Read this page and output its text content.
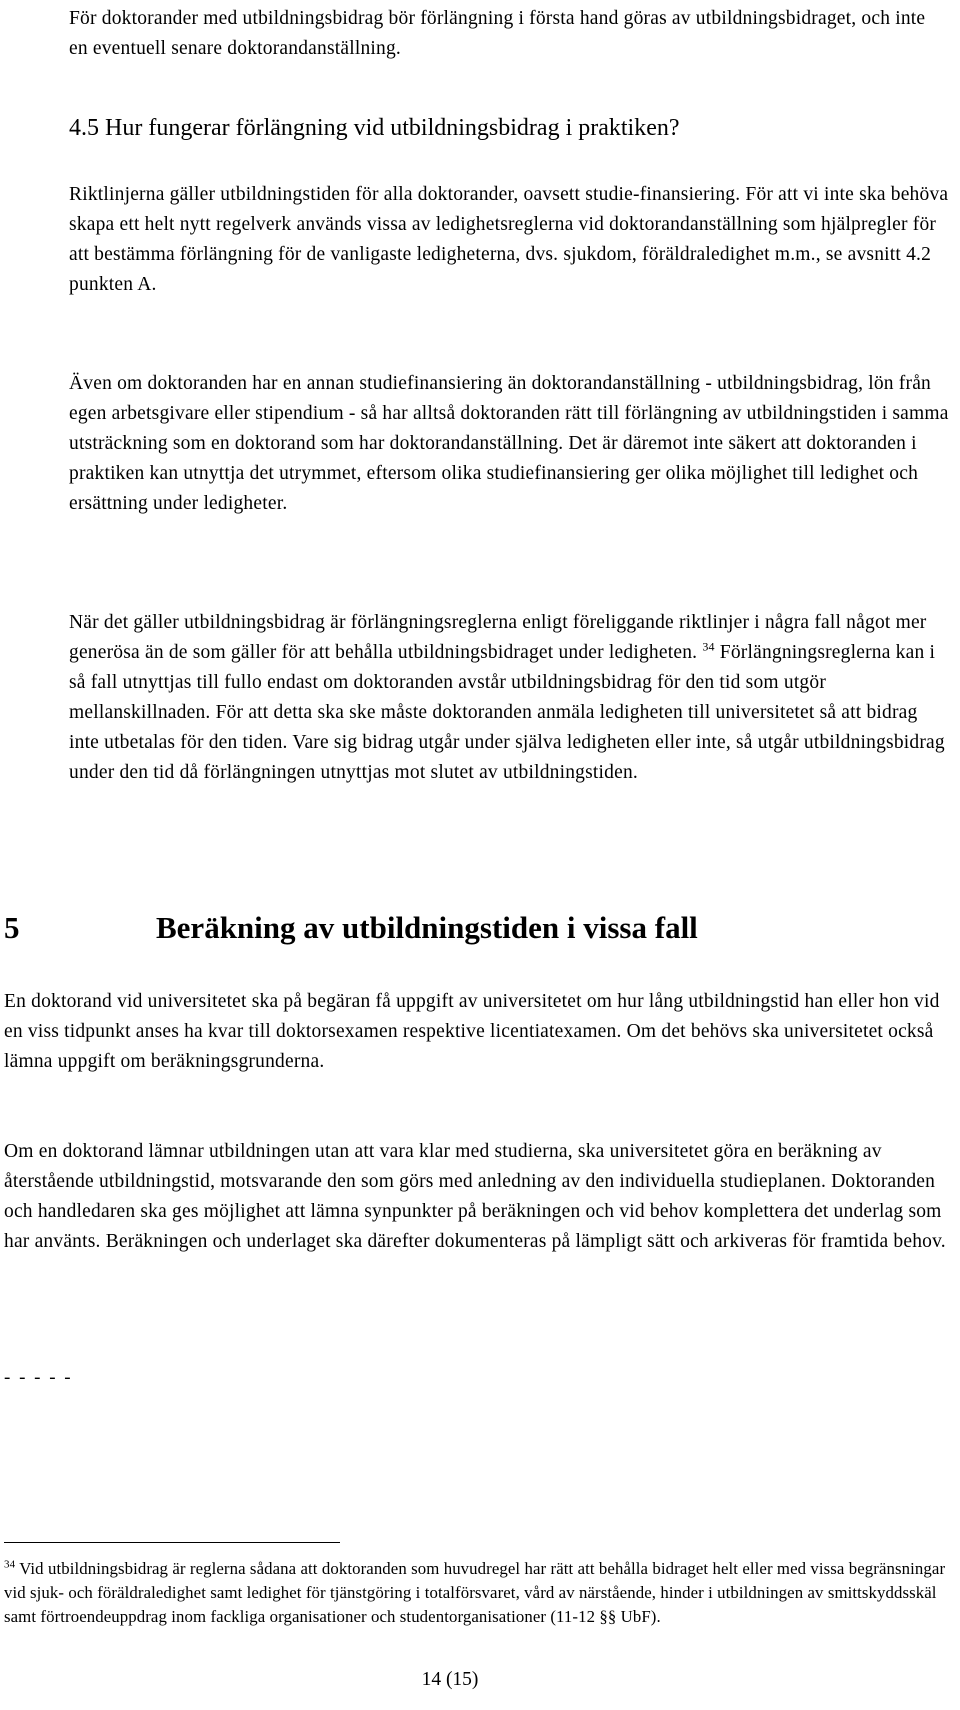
För doktorander med utbildningsbidrag bör förlängning i första hand göras av utbildningsbidraget, och inte en eventuell senare doktorandanställning.

4.5 Hur fungerar förlängning vid utbildningsbidrag i praktiken?

Riktlinjerna gäller utbildningstiden för alla doktorander, oavsett studie-finansiering. För att vi inte ska behöva skapa ett helt nytt regelverk används vissa av ledighetsreglerna vid doktorandanställning som hjälpregler för att bestämma förlängning för de vanligaste ledigheterna, dvs. sjukdom, föräldraledighet m.m., se avsnitt 4.2 punkten A.

Även om doktoranden har en annan studiefinansiering än doktorandanställning - utbildningsbidrag, lön från egen arbetsgivare eller stipendium - så har alltså doktoranden rätt till förlängning av utbildningstiden i samma utsträckning som en doktorand som har doktorandanställning. Det är däremot inte säkert att doktoranden i praktiken kan utnyttja det utrymmet, eftersom olika studiefinansiering ger olika möjlighet till ledighet och ersättning under ledigheter.

När det gäller utbildningsbidrag är förlängningsreglerna enligt föreliggande riktlinjer i några fall något mer generösa än de som gäller för att behålla utbildningsbidraget under ledigheten. $^{34}$ Förlängningsreglerna kan i så fall utnyttjas till fullo endast om doktoranden avstår utbildningsbidrag för den tid som utgör mellanskillnaden. För att detta ska ske måste doktoranden anmäla ledigheten till universitetet så att bidrag inte utbetalas för den tiden. Vare sig bidrag utgår under själva ledigheten eller inte, så utgår utbildningsbidrag under den tid då förlängningen utnyttjas mot slutet av utbildningstiden.

5	Beräkning av utbildningstiden i vissa fall

En doktorand vid universitetet ska på begäran få uppgift av universitetet om hur lång utbildningstid han eller hon vid en viss tidpunkt anses ha kvar till doktorsexamen respektive licentiatexamen. Om det behövs ska universitetet också lämna uppgift om beräkningsgrunderna.

Om en doktorand lämnar utbildningen utan att vara klar med studierna, ska universitetet göra en beräkning av återstående utbildningstid, motsvarande den som görs med anledning av den individuella studieplanen. Doktoranden och handledaren ska ges möjlighet att lämna synpunkter på beräkningen och vid behov komplettera det underlag som har använts. Beräkningen och underlaget ska därefter dokumenteras på lämpligt sätt och arkiveras för framtida behov.

- - - - -

$^{34}$ Vid utbildningsbidrag är reglerna sådana att doktoranden som huvudregel har rätt att behålla bidraget helt eller med vissa begränsningar vid sjuk- och föräldraledighet samt ledighet för tjänstgöring i totalförsvaret, vård av närstående, hinder i utbildningen av smittskyddsskäl samt förtroendeuppdrag inom fackliga organisationer och studentorganisationer (11-12 §§ UbF).

14 (15)
